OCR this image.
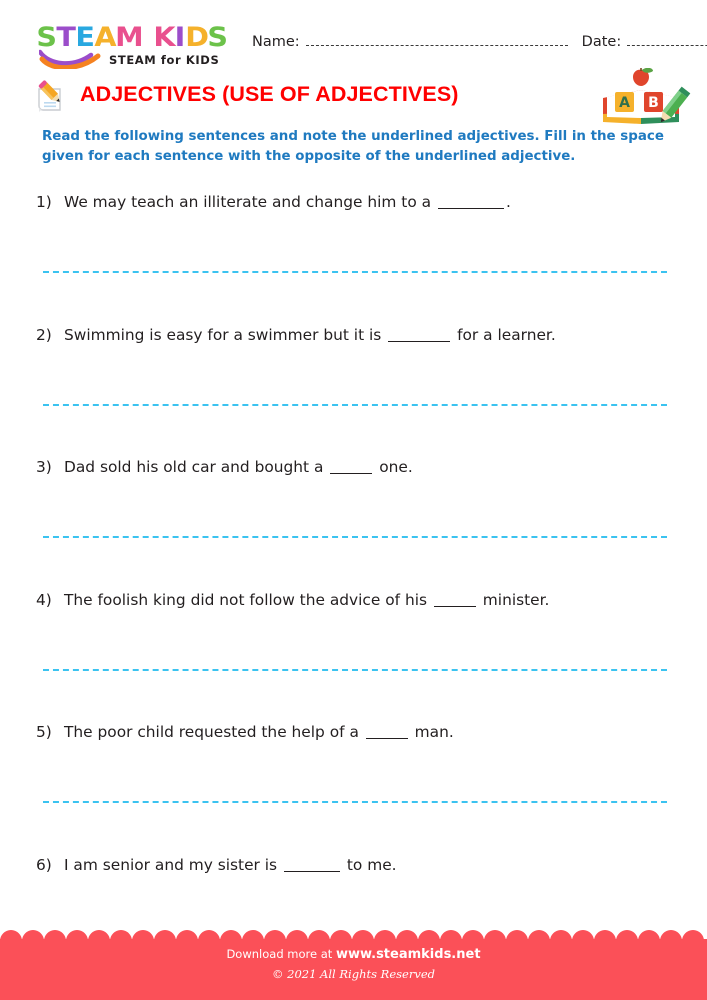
STEAM KIDS
STEAM for KIDS
Name:	Date:
ADJECTIVES (USE OF ADJECTIVES)	A B
Read the following sentences and note the underlined adjectives. Fill in the space given for each sentence with the opposite of the underlined adjective.
1) We may teach an illiterate and change him to a	.
2) Swimming is easy for a swimmer but it is	for a learner.
3) Dad sold his old car and bought a	one.
4) The foolish king did not follow the advice of his	minister.
5) The poor child requested the help of a	man.
6) I am senior and my sister is	to me.
Download more at www.steamkids.net
© 2021 All Rights Reserved
